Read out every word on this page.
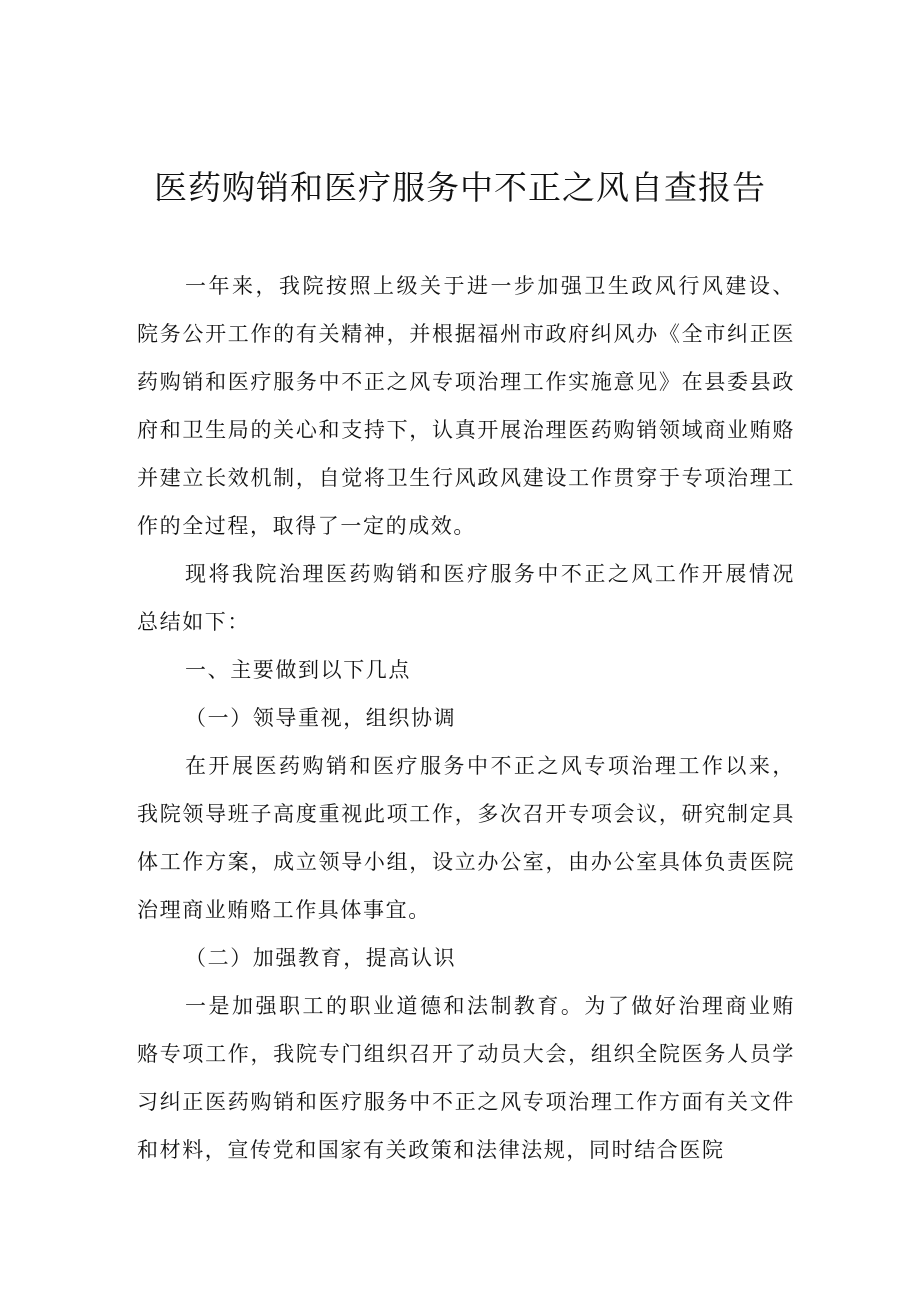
医药购销和医疗服务中不正之风自查报告

一年来，我院按照上级关于进一步加强卫生政风行风建设、院务公开工作的有关精神，并根据福州市政府纠风办《全市纠正医药购销和医疗服务中不正之风专项治理工作实施意见》在县委县政府和卫生局的关心和支持下，认真开展治理医药购销领域商业贿赂并建立长效机制，自觉将卫生行风政风建设工作贯穿于专项治理工作的全过程，取得了一定的成效。

现将我院治理医药购销和医疗服务中不正之风工作开展情况总结如下：

一、主要做到以下几点

（一）领导重视，组织协调

在开展医药购销和医疗服务中不正之风专项治理工作以来，我院领导班子高度重视此项工作，多次召开专项会议，研究制定具体工作方案，成立领导小组，设立办公室，由办公室具体负责医院治理商业贿赂工作具体事宜。

（二）加强教育，提高认识

一是加强职工的职业道德和法制教育。为了做好治理商业贿赂专项工作，我院专门组织召开了动员大会，组织全院医务人员学习纠正医药购销和医疗服务中不正之风专项治理工作方面有关文件和材料，宣传党和国家有关政策和法律法规，同时结合医院
